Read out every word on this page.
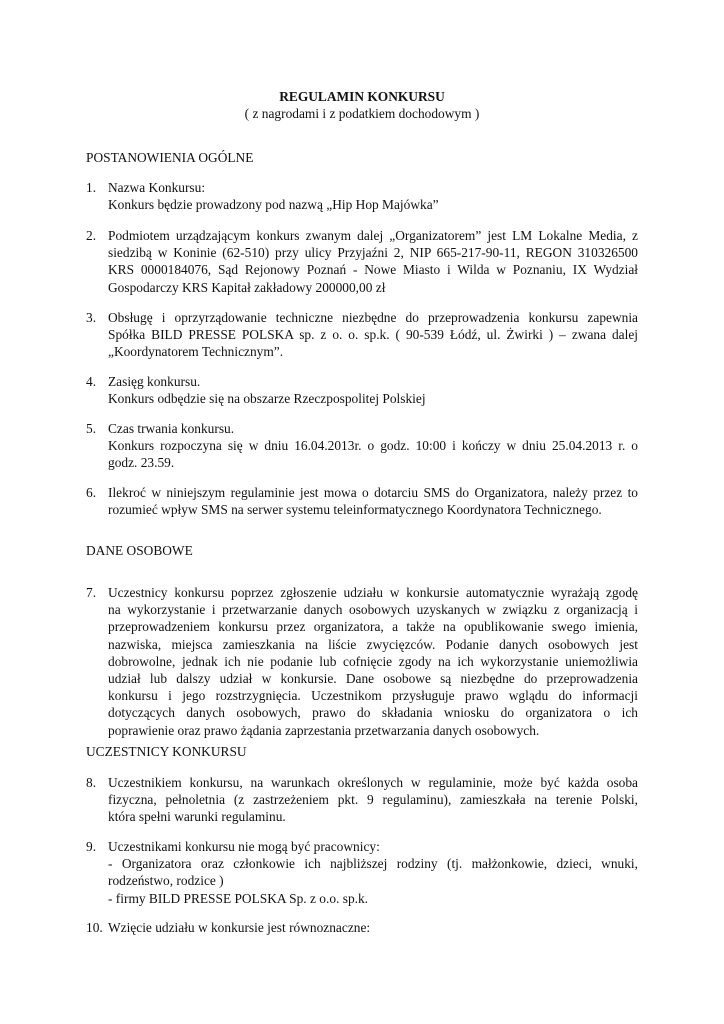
REGULAMIN KONKURSU
( z nagrodami i z podatkiem dochodowym )
POSTANOWIENIA OGÓLNE
1. Nazwa Konkursu:

Konkurs będzie prowadzony pod nazwą „Hip Hop Majówka”

2. Podmiotem urządzającym konkurs zwanym dalej „Organizatorem” jest LM Lokalne Media, z

siedzibą w Koninie (62-510) przy ulicy Przyjaźni 2, NIP 665-217-90-11, REGON 310326500

KRS 0000184076, Sąd Rejonowy Poznań - Nowe Miasto i Wilda w Poznaniu, IX Wydział

Gospodarczy KRS Kapitał zakładowy 200000,00 zł

3. Obsługę i oprzyrządowanie techniczne niezbędne do przeprowadzenia konkursu zapewnia

Spółka BILD PRESSE POLSKA sp. z o. o. sp.k. ( 90-539 Łódź, ul. Żwirki ) – zwana dalej

„Koordynatorem Technicznym”.

4. Zasięg konkursu.

Konkurs odbędzie się na obszarze Rzeczpospolitej Polskiej

5. Czas trwania konkursu.

Konkurs rozpoczyna się w dniu 16.04.2013r. o godz. 10:00 i kończy w dniu 25.04.2013 r. o

godz. 23.59.

6. Ilekroć w niniejszym regulaminie jest mowa o dotarciu SMS do Organizatora, należy przez to

rozumieć wpływ SMS na serwer systemu teleinformatycznego Koordynatora Technicznego.

DANE OSOBOWE
7. Uczestnicy konkursu poprzez zgłoszenie udziału w konkursie automatycznie wyrażają zgodę

na wykorzystanie i przetwarzanie danych osobowych uzyskanych w związku z organizacją i

przeprowadzeniem konkursu przez organizatora, a także na opublikowanie swego imienia,

nazwiska, miejsca zamieszkania na liście zwycięzców. Podanie danych osobowych jest

dobrowolne, jednak ich nie podanie lub cofnięcie zgody na ich wykorzystanie uniemożliwia

udział lub dalszy udział w konkursie. Dane osobowe są niezbędne do przeprowadzenia

konkursu i jego rozstrzygnięcia. Uczestnikom przysługuje prawo wglądu do informacji

dotyczących danych osobowych, prawo do składania wniosku do organizatora o ich

poprawienie oraz prawo żądania zaprzestania przetwarzania danych osobowych.

UCZESTNICY KONKURSU
8. Uczestnikiem konkursu, na warunkach określonych w regulaminie, może być każda osoba

fizyczna, pełnoletnia (z zastrzeżeniem pkt. 9 regulaminu), zamieszkała na terenie Polski,

która spełni warunki regulaminu.

9. Uczestnikami konkursu nie mogą być pracownicy:

- Organizatora oraz członkowie ich najbliższej rodziny (tj. małżonkowie, dzieci, wnuki,

rodzeństwo, rodzice )

- firmy BILD PRESSE POLSKA Sp. z o.o. sp.k.

10. Wzięcie udziału w konkursie jest równoznaczne:
